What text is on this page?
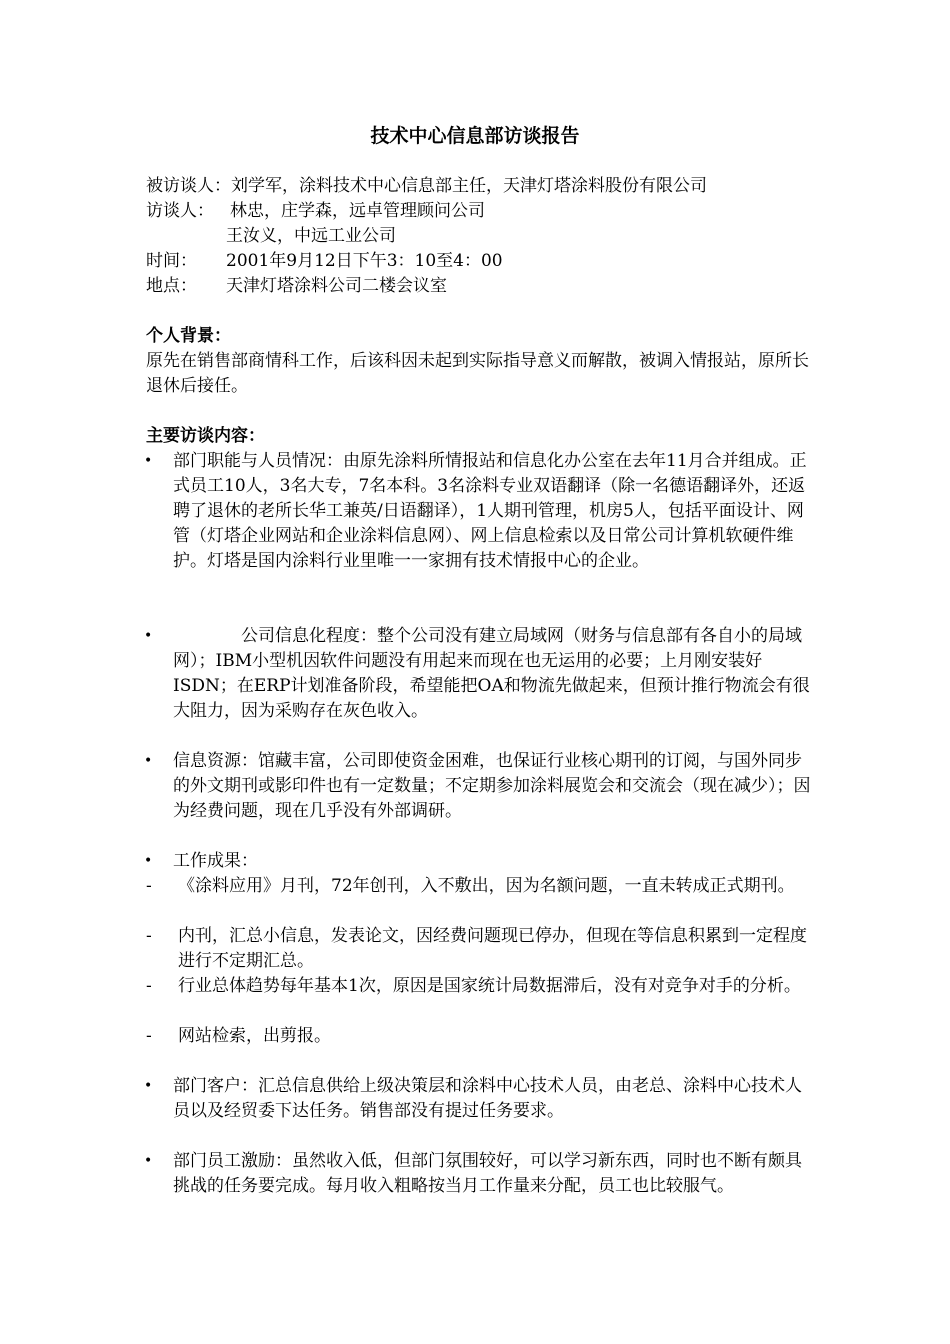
技术中心信息部访谈报告
被访谈人：刘学军，涂料技术中心信息部主任，天津灯塔涂料股份有限公司
访谈人： 林忠，庄学森，远卓管理顾问公司
王汝义，中远工业公司
时间： 2001年9月12日下午3：10至4：00
地点： 天津灯塔涂料公司二楼会议室
个人背景：
原先在销售部商情科工作，后该科因未起到实际指导意义而解散，被调入情报站，原所长退休后接任。
主要访谈内容：
• 部门职能与人员情况：由原先涂料所情报站和信息化办公室在去年11月合并组成。正式员工10人，3名大专，7名本科。3名涂料专业双语翻译（除一名德语翻译外，还返聘了退休的老所长华工兼英/日语翻译），1人期刊管理，机房5人，包括平面设计、网管（灯塔企业网站和企业涂料信息网）、网上信息检索以及日常公司计算机软硬件维护。灯塔是国内涂料行业里唯一一家拥有技术情报中心的企业。
•	公司信息化程度：整个公司没有建立局域网（财务与信息部有各自小的局域网）；IBM小型机因软件问题没有用起来而现在也无运用的必要；上月刚安装好ISDN；在ERP计划准备阶段，希望能把OA和物流先做起来，但预计推行物流会有很大阻力，因为采购存在灰色收入。
• 信息资源：馆藏丰富，公司即使资金困难，也保证行业核心期刊的订阅，与国外同步的外文期刊或影印件也有一定数量；不定期参加涂料展览会和交流会（现在减少）；因为经费问题，现在几乎没有外部调研。
• 工作成果：
- 《涂料应用》月刊，72年创刊，入不敷出，因为名额问题，一直未转成正式期刊。
- 内刊，汇总小信息，发表论文，因经费问题现已停办，但现在等信息积累到一定程度进行不定期汇总。
- 行业总体趋势每年基本1次，原因是国家统计局数据滞后，没有对竞争对手的分析。
- 网站检索，出剪报。
• 部门客户：汇总信息供给上级决策层和涂料中心技术人员，由老总、涂料中心技术人员以及经贸委下达任务。销售部没有提过任务要求。
• 部门员工激励：虽然收入低，但部门氛围较好，可以学习新东西，同时也不断有颇具挑战的任务要完成。每月收入粗略按当月工作量来分配，员工也比较服气。
